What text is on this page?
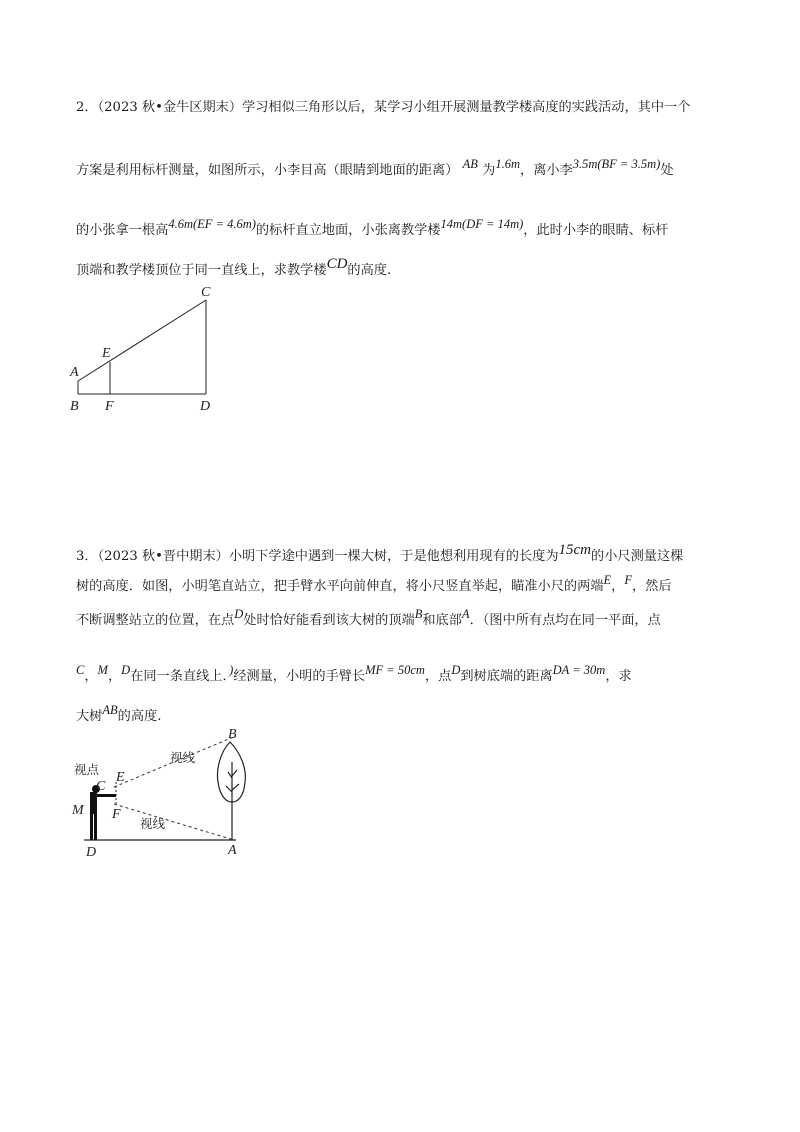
2．（2023 秋•金牛区期末）学习相似三角形以后，某学习小组开展测量教学楼高度的实践活动，其中一个
方案是利用标杆测量，如图所示，小李目高（眼睛到地面的距离） AB 为1.6m，离小李3.5m(BF = 3.5m)处
的小张拿一根高4.6m(EF = 4.6m)的标杆直立地面，小张离教学楼14m(DF = 14m)，此时小李的眼睛、标杆
顶端和教学楼顶位于同一直线上，求教学楼CD的高度.
C
E
A
B F	D
3．（2023 秋•晋中期末）小明下学途中遇到一棵大树，于是他想利用现有的长度为15cm的小尺测量这棵
树的高度．如图，小明笔直站立，把手臂水平向前伸直，将小尺竖直举起，瞄准小尺的两端E，F，然后
不断调整站立的位置，在点D处时恰好能看到该大树的顶端B和底部A．（图中所有点均在同一平面，点
C，M，D在同一条直线上．)经测量，小明的手臂长MF = 50cm，点D到树底端的距离DA = 30m，求
大树AB的高度.
B
A
D
M
C
E
F
视线
视线
视点
